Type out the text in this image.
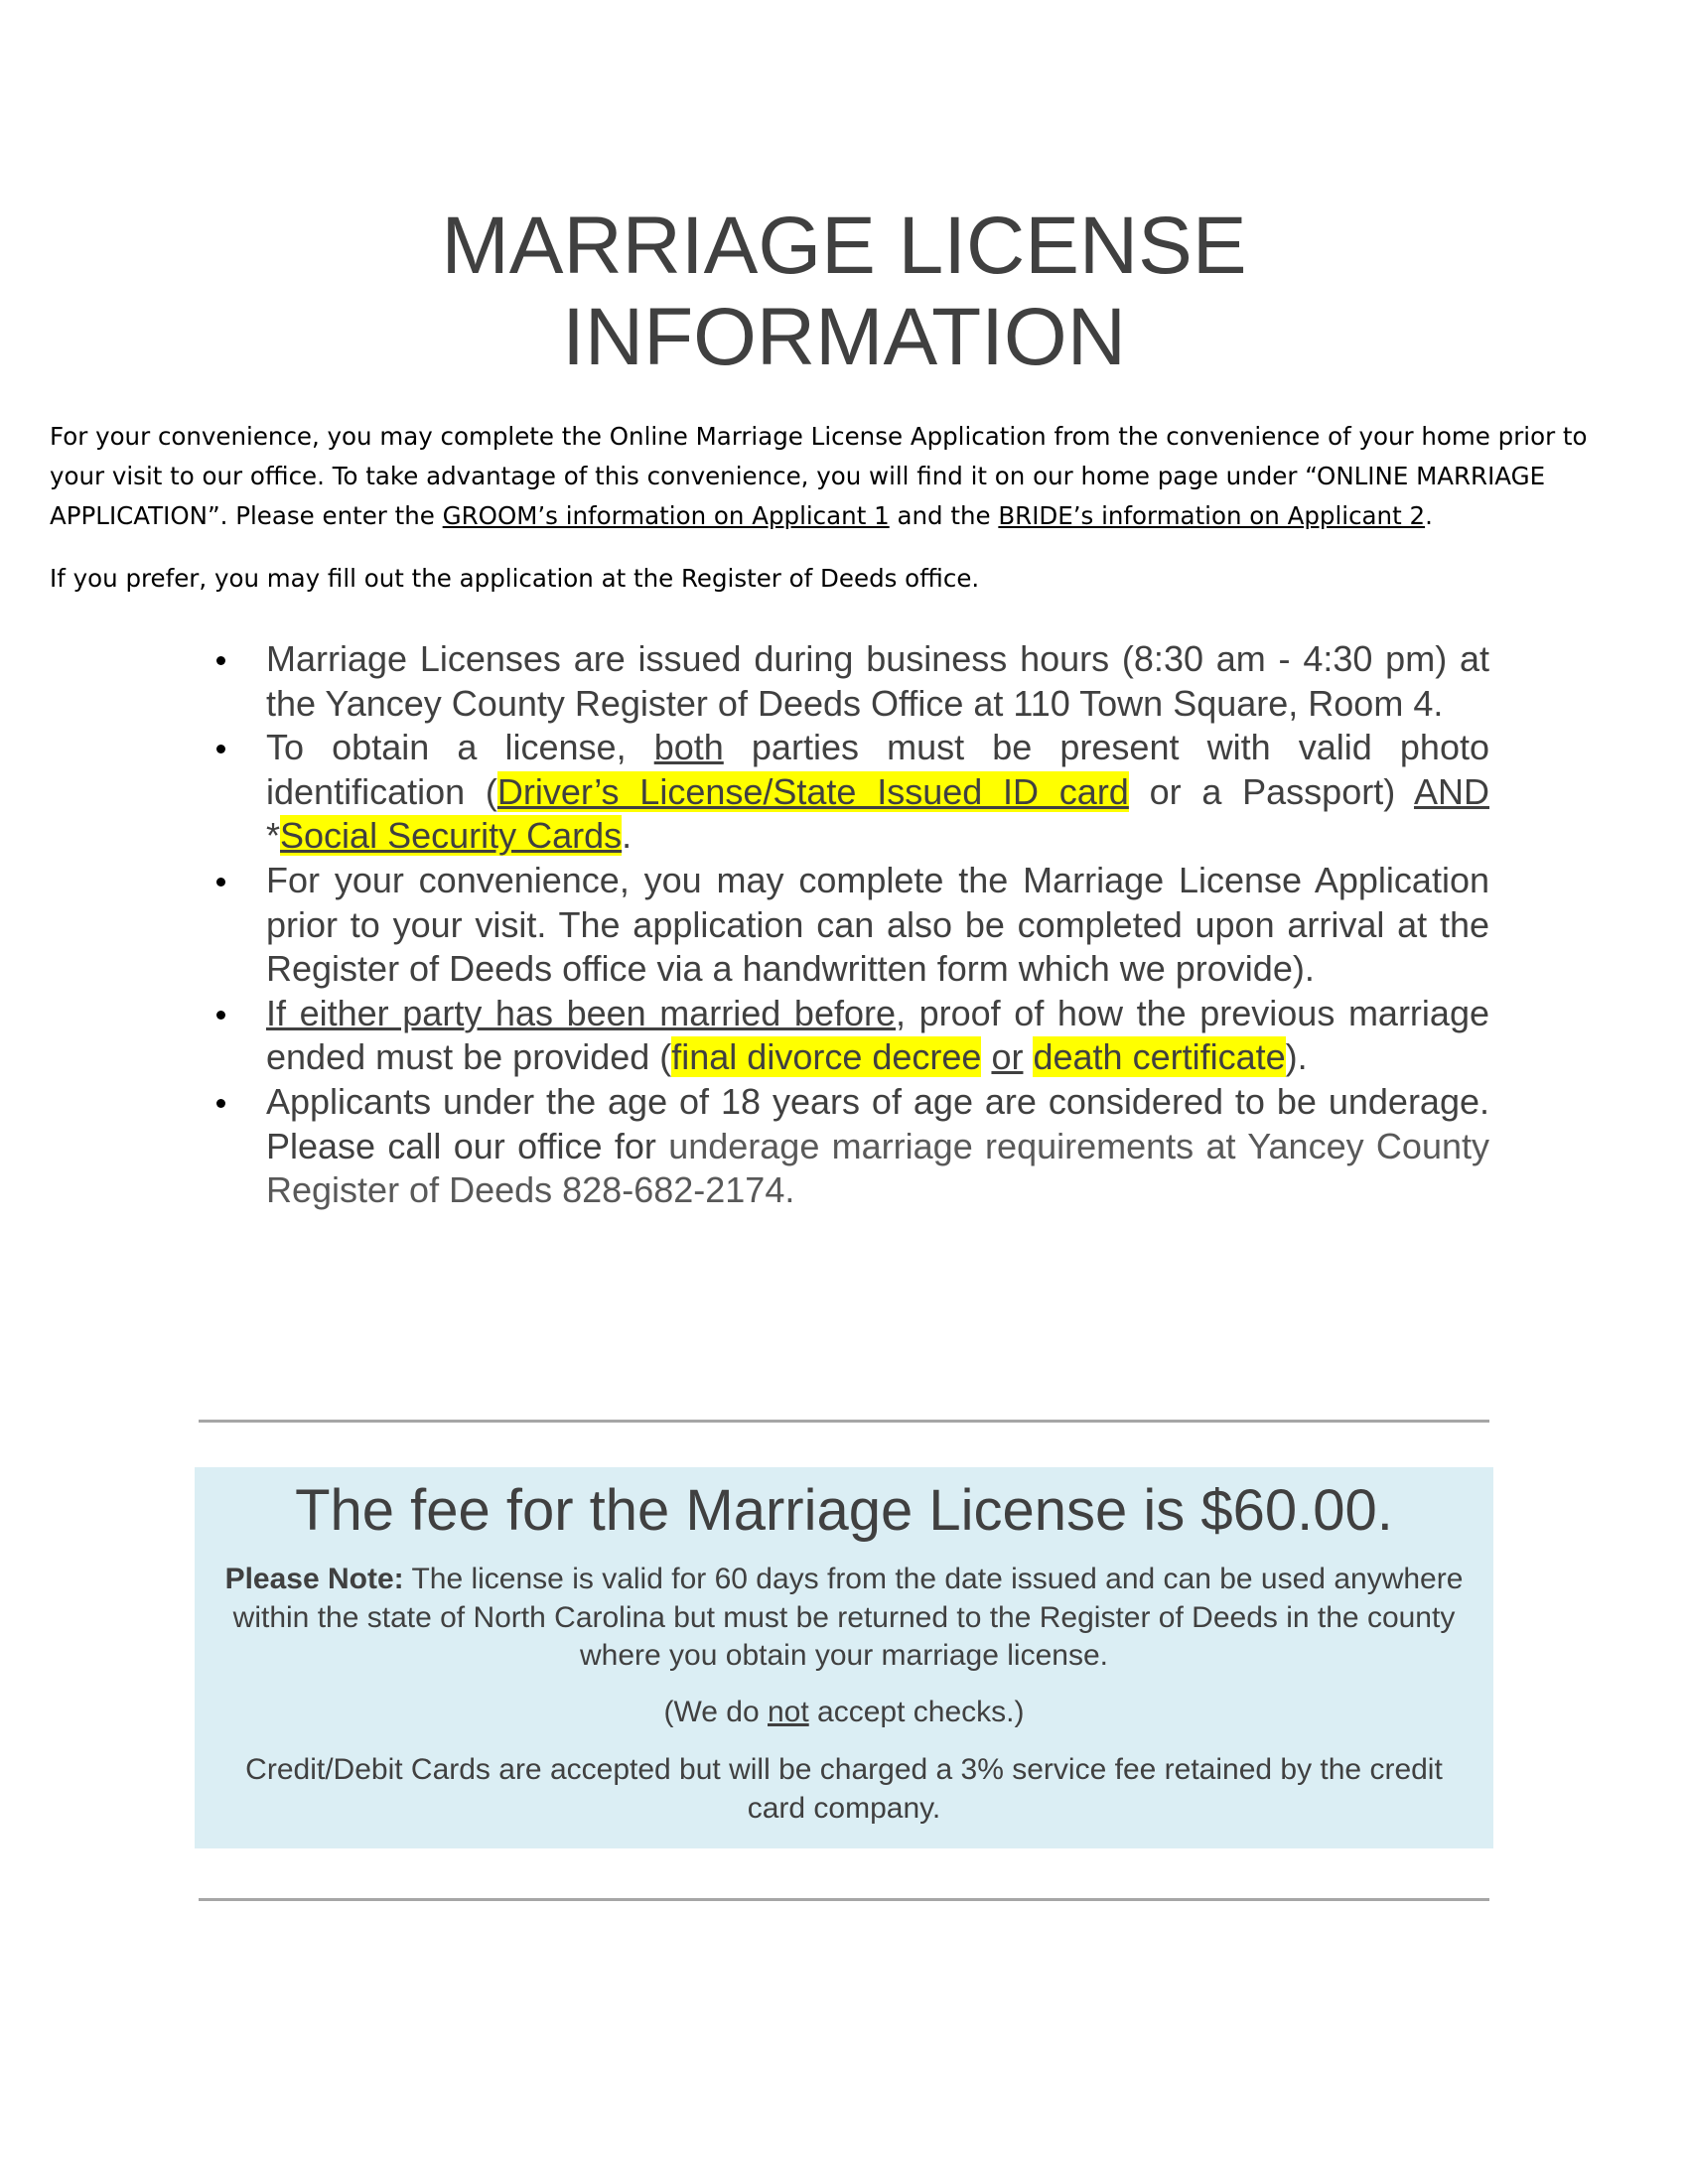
MARRIAGE LICENSE
INFORMATION

For your convenience, you may complete the Online Marriage License Application from the convenience of your home prior to your visit to our office. To take advantage of this convenience, you will find it on our home page under “ONLINE MARRIAGE APPLICATION”. Please enter the GROOM’s information on Applicant 1 and the BRIDE’s information on Applicant 2.

If you prefer, you may fill out the application at the Register of Deeds office.

Marriage Licenses are issued during business hours (8:30 am - 4:30 pm) at the Yancey County Register of Deeds Office at 110 Town Square, Room 4.
To obtain a license, both parties must be present with valid photo identification (Driver’s License/State Issued ID card or a Passport) AND *Social Security Cards.
For your convenience, you may complete the Marriage License Application prior to your visit. The application can also be completed upon arrival at the Register of Deeds office via a handwritten form which we provide).
If either party has been married before, proof of how the previous marriage ended must be provided (final divorce decree or death certificate).
Applicants under the age of 18 years of age are considered to be underage. Please call our office for underage marriage requirements at Yancey County Register of Deeds 828-682-2174.

The fee for the Marriage License is $60.00.

Please Note: The license is valid for 60 days from the date issued and can be used anywhere within the state of North Carolina but must be returned to the Register of Deeds in the county where you obtain your marriage license.

(We do not accept checks.)

Credit/Debit Cards are accepted but will be charged a 3% service fee retained by the credit card company.
